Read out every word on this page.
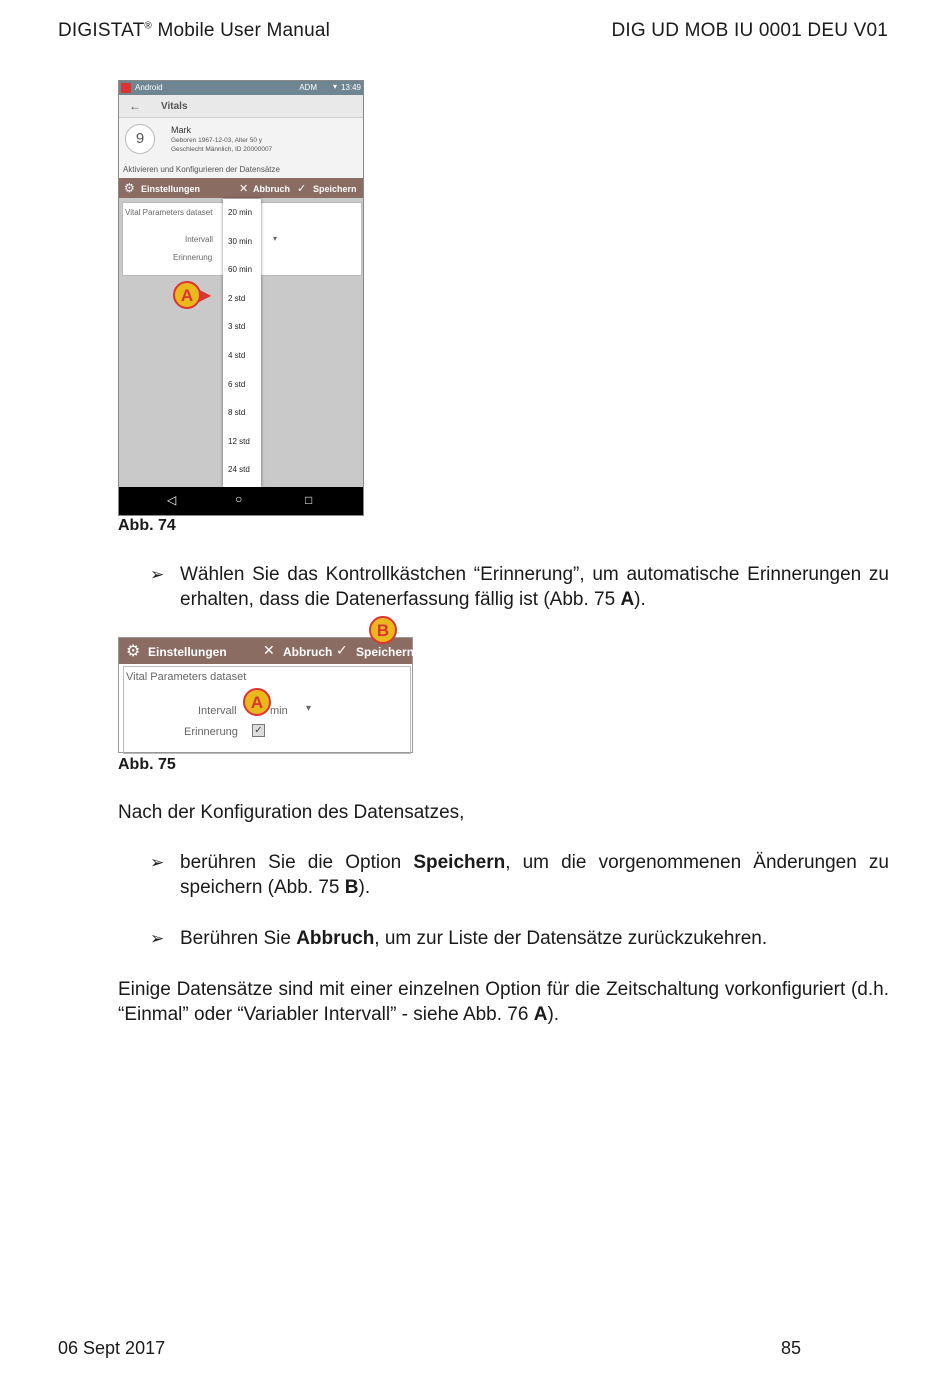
DIGISTAT® Mobile User Manual	DIG UD MOB IU 0001 DEU V01
Android	ADM ▾ 13:49
← Vitals
9	Mark
Geboren 1967-12-03, Alter 50 y
Geschlecht Männlich, ID 20000007
Aktivieren und Konfigurieren der Datensätze
⚙ Einstellungen	✕ Abbruch ✓ Speichern
Vital Parameters dataset
Intervall
Erinnerung
▾
20 min
30 min
60 min
2 std
3 std
4 std
6 std
8 std
12 std
24 std
A ▶
◁	○	□
Abb. 74
➢ Wählen Sie das Kontrollkästchen “Erinnerung”, um automatische Erinnerungen zu erhalten, dass die Datenerfassung fällig ist (Abb. 75 A).
⚙ Einstellungen	✕ Abbruch ✓ Speichern
Vital Parameters dataset
Intervall	min ▾
Erinnerung ✓
A
B
Abb. 75
Nach der Konfiguration des Datensatzes,
➢ berühren Sie die Option Speichern, um die vorgenommenen Änderungen zu speichern (Abb. 75 B).
➢ Berühren Sie Abbruch, um zur Liste der Datensätze zurückzukehren.
Einige Datensätze sind mit einer einzelnen Option für die Zeitschaltung vorkonfiguriert (d.h. “Einmal” oder “Variabler Intervall” - siehe Abb. 76 A).
06 Sept 2017	85
